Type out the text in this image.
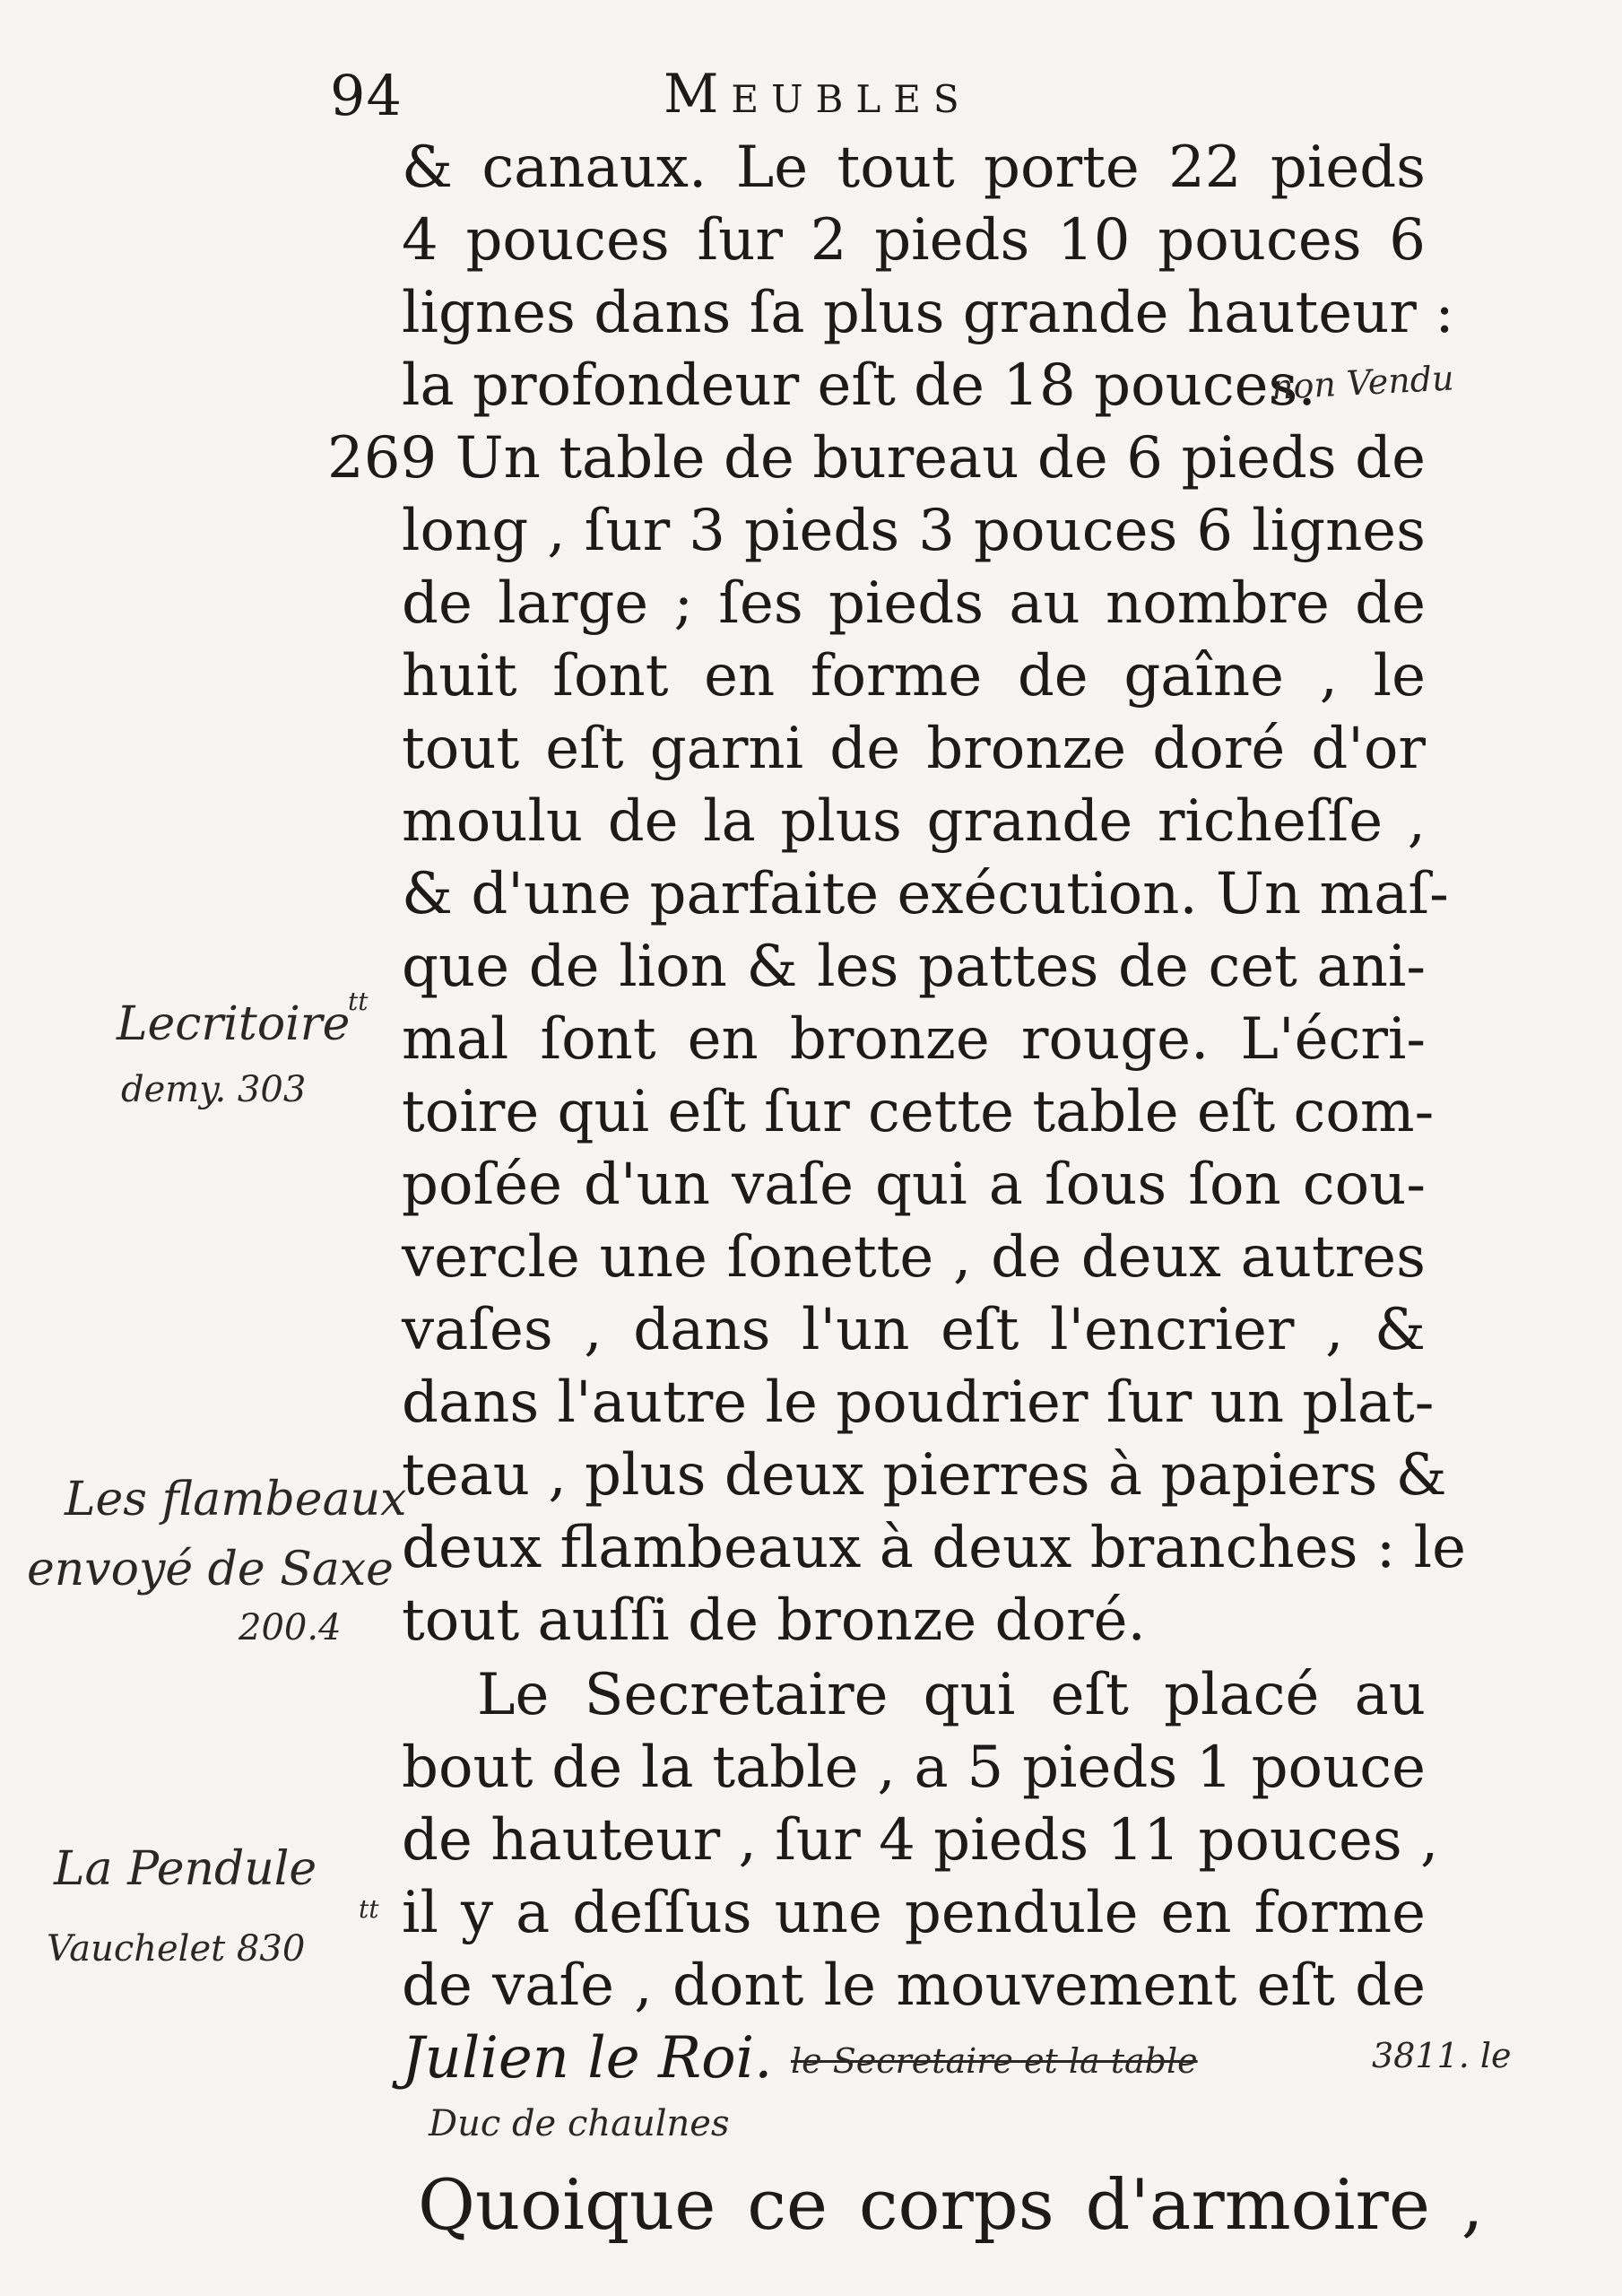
94	Meubles
& canaux. Le tout porte 22 pieds
4 pouces ſur 2 pieds 10 pouces 6
lignes dans ſa plus grande hauteur :
la profondeur eſt de 18 pouces.
269 Un table de bureau de 6 pieds de
long , ſur 3 pieds 3 pouces 6 lignes
de large ; ſes pieds au nombre de
huit ſont en forme de gaîne , le
tout eſt garni de bronze doré d'or
moulu de la plus grande richeſſe ,
& d'une parfaite exécution. Un maſ-
que de lion & les pattes de cet ani-
mal ſont en bronze rouge. L'écri-
toire qui eſt ſur cette table eſt com-
poſée d'un vaſe qui a ſous ſon cou-
vercle une ſonette , de deux autres
vaſes , dans l'un eſt l'encrier , &
dans l'autre le poudrier ſur un plat-
teau , plus deux pierres à papiers &
deux flambeaux à deux branches : le
tout auſſi de bronze doré.
Le Secretaire qui eſt placé au
bout de la table , a 5 pieds 1 pouce
de hauteur , ſur 4 pieds 11 pouces ,
il y a deſſus une pendule en forme
de vaſe , dont le mouvement eſt de
Julien le Roi.
Quoique ce corps d'armoire ,
non Vendu
Lecritoire
tt
demy. 303
Les flambeaux
envoyé de Saxe
200.4
La Pendule
tt
Vauchelet 830
le Secretaire et la table	3811. le
Duc de chaulnes
